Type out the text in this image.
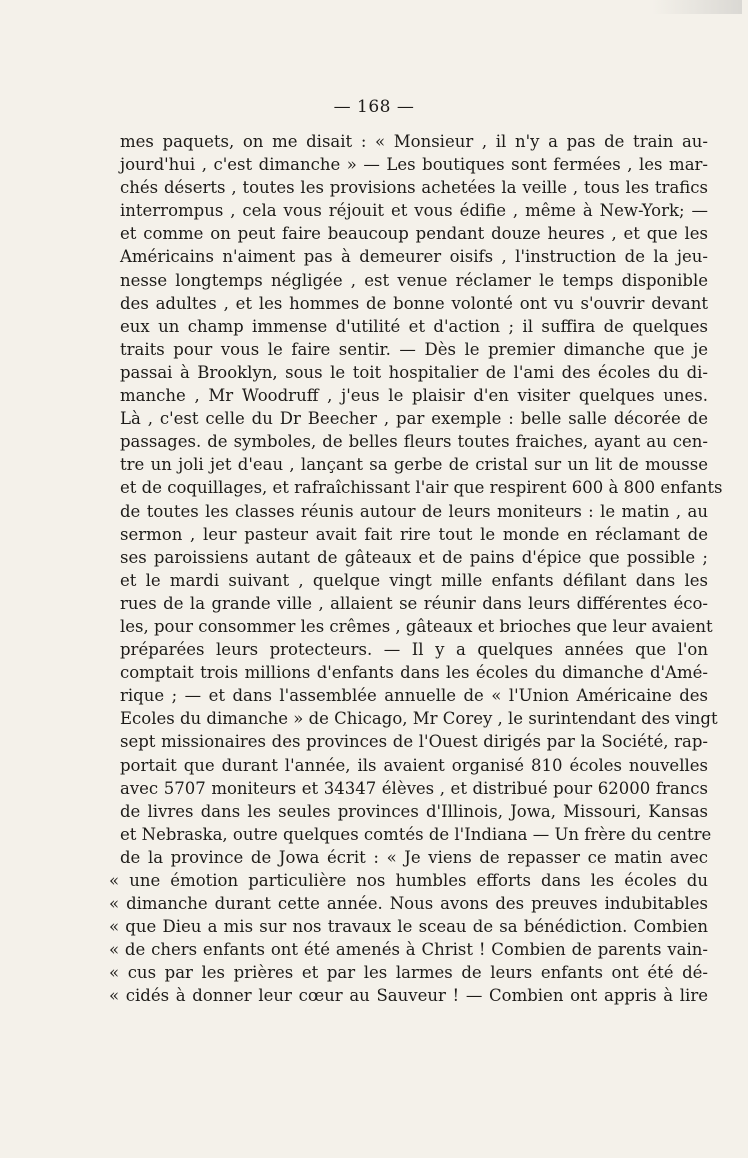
— 168 —
mes paquets, on me disait : « Monsieur , il n'y a pas de train au-
jourd'hui , c'est dimanche » — Les boutiques sont fermées , les mar-
chés déserts , toutes les provisions achetées la veille , tous les trafics
interrompus , cela vous réjouit et vous édifie , même à New-York; —
et comme on peut faire beaucoup pendant douze heures , et que les
Américains n'aiment pas à demeurer oisifs , l'instruction de la jeu-
nesse longtemps négligée , est venue réclamer le temps disponible
des adultes , et les hommes de bonne volonté ont vu s'ouvrir devant
eux un champ immense d'utilité et d'action ; il suffira de quelques
traits pour vous le faire sentir. — Dès le premier dimanche que je
passai à Brooklyn, sous le toit hospitalier de l'ami des écoles du di-
manche , Mr Woodruff , j'eus le plaisir d'en visiter quelques unes.
Là , c'est celle du Dr Beecher , par exemple : belle salle décorée de
passages. de symboles, de belles fleurs toutes fraiches, ayant au cen-
tre un joli jet d'eau , lançant sa gerbe de cristal sur un lit de mousse
et de coquillages, et rafraîchissant l'air que respirent 600 à 800 enfants
de toutes les classes réunis autour de leurs moniteurs : le matin , au
sermon , leur pasteur avait fait rire tout le monde en réclamant de
ses paroissiens autant de gâteaux et de pains d'épice que possible ;
et le mardi suivant , quelque vingt mille enfants défilant dans les
rues de la grande ville , allaient se réunir dans leurs différentes éco-
les, pour consommer les crêmes , gâteaux et brioches que leur avaient
préparées leurs protecteurs. — Il y a quelques années que l'on
comptait trois millions d'enfants dans les écoles du dimanche d'Amé-
rique ; — et dans l'assemblée annuelle de « l'Union Américaine des
Ecoles du dimanche » de Chicago, Mr Corey , le surintendant des vingt
sept missionaires des provinces de l'Ouest dirigés par la Société, rap-
portait que durant l'année, ils avaient organisé 810 écoles nouvelles
avec 5707 moniteurs et 34347 élèves , et distribué pour 62000 francs
de livres dans les seules provinces d'Illinois, Jowa, Missouri, Kansas
et Nebraska, outre quelques comtés de l'Indiana — Un frère du centre
de la province de Jowa écrit : « Je viens de repasser ce matin avec
« une émotion particulière nos humbles efforts dans les écoles du
« dimanche durant cette année. Nous avons des preuves indubitables
« que Dieu a mis sur nos travaux le sceau de sa bénédiction. Combien
« de chers enfants ont été amenés à Christ ! Combien de parents vain-
« cus par les prières et par les larmes de leurs enfants ont été dé-
« cidés à donner leur cœur au Sauveur ! — Combien ont appris à lire
